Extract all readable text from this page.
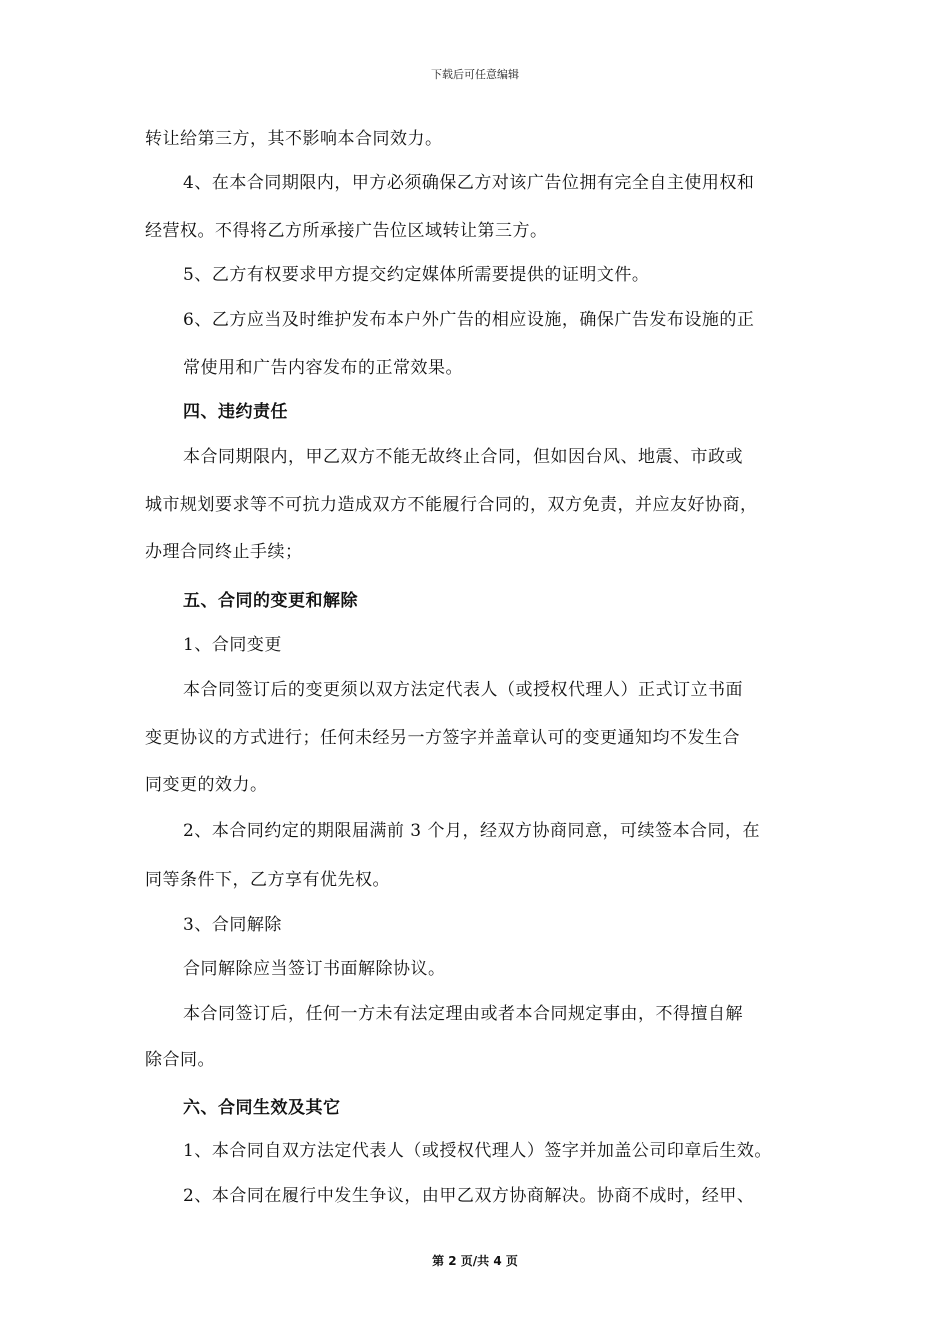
下载后可任意编辑
转让给第三方，其不影响本合同效力。
4、在本合同期限内，甲方必须确保乙方对该广告位拥有完全自主使用权和
经营权。不得将乙方所承接广告位区域转让第三方。
5、乙方有权要求甲方提交约定媒体所需要提供的证明文件。
6、乙方应当及时维护发布本户外广告的相应设施，确保广告发布设施的正
常使用和广告内容发布的正常效果。
四、违约责任
本合同期限内，甲乙双方不能无故终止合同，但如因台风、地震、市政或
城市规划要求等不可抗力造成双方不能履行合同的，双方免责，并应友好协商，
办理合同终止手续；
五、合同的变更和解除
1、合同变更
本合同签订后的变更须以双方法定代表人（或授权代理人）正式订立书面
变更协议的方式进行；任何未经另一方签字并盖章认可的变更通知均不发生合
同变更的效力。
2、本合同约定的期限届满前 3 个月，经双方协商同意，可续签本合同，在
同等条件下，乙方享有优先权。
3、合同解除
合同解除应当签订书面解除协议。
本合同签订后，任何一方未有法定理由或者本合同规定事由，不得擅自解
除合同。
六、合同生效及其它
1、本合同自双方法定代表人（或授权代理人）签字并加盖公司印章后生效。
2、本合同在履行中发生争议，由甲乙双方协商解决。协商不成时，经甲、
第 2 页/共 4 页
